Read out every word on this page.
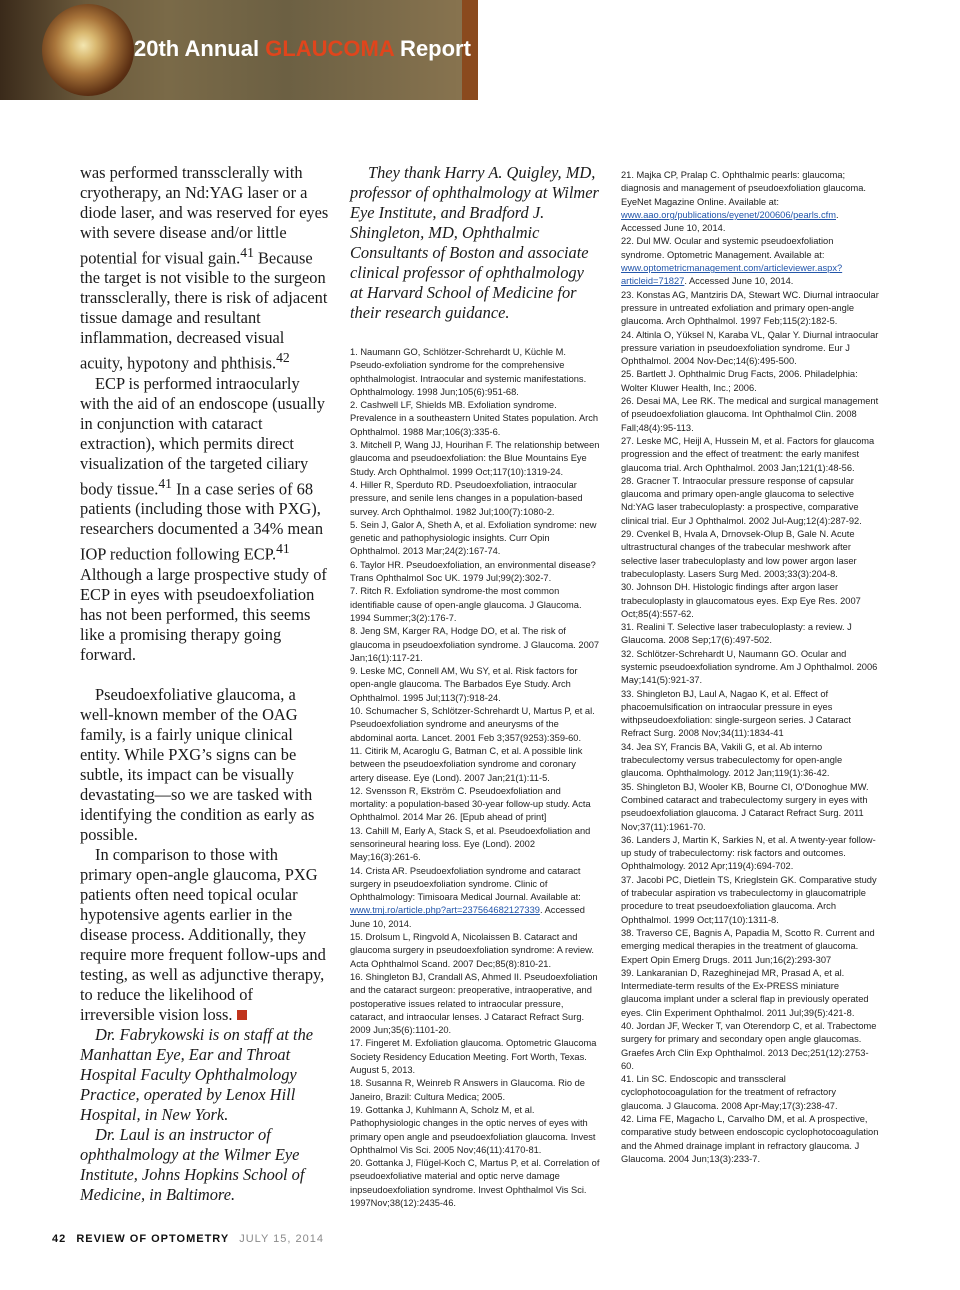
20th Annual GLAUCOMA Report

was performed transsclerally with cryotherapy, an Nd:YAG laser or a diode laser, and was reserved for eyes with severe disease and/or little potential for visual gain.$^{41}$ Because the target is not visible to the surgeon transsclerally, there is risk of adjacent tissue damage and resultant inflammation, decreased visual acuity, hypotony and phthisis.$^{42}$

ECP is performed intraocularly with the aid of an endoscope (usually in conjunction with cataract extraction), which permits direct visualization of the targeted ciliary body tissue.$^{41}$ In a case series of 68 patients (including those with PXG), researchers documented a 34% mean IOP reduction following ECP.$^{41}$ Although a large prospective study of ECP in eyes with pseudoexfoliation has not been performed, this seems like a promising therapy going forward.

Pseudoexfoliative glaucoma, a well-known member of the OAG family, is a fairly unique clinical entity. While PXG’s signs can be subtle, its impact can be visually devastating—so we are tasked with identifying the condition as early as possible.

In comparison to those with primary open-angle glaucoma, PXG patients often need topical ocular hypotensive agents earlier in the disease process. Additionally, they require more frequent follow-ups and testing, as well as adjunctive therapy, to reduce the likelihood of irreversible vision loss.

Dr. Fabrykowski is on staff at the Manhattan Eye, Ear and Throat Hospital Faculty Ophthalmology Practice, operated by Lenox Hill Hospital, in New York.

Dr. Laul is an instructor of ophthalmology at the Wilmer Eye Institute, Johns Hopkins School of Medicine, in Baltimore.

They thank Harry A. Quigley, MD, professor of ophthalmology at Wilmer Eye Institute, and Bradford J. Shingleton, MD, Ophthalmic Consultants of Boston and associate clinical professor of ophthalmology at Harvard School of Medicine for their research guidance.

1. Naumann GO, Schlötzer-Schrehardt U, Küchle M. Pseudo-exfoliation syndrome for the comprehensive ophthalmologist. Intraocular and systemic manifestations. Ophthalmology. 1998 Jun;105(6):951-68.

2. Cashwell LF, Shields MB. Exfoliation syndrome. Prevalence in a southeastern United States population. Arch Ophthalmol. 1988 Mar;106(3):335-6.

3. Mitchell P, Wang JJ, Hourihan F. The relationship between glaucoma and pseudoexfoliation: the Blue Mountains Eye Study. Arch Ophthalmol. 1999 Oct;117(10):1319-24.

4. Hiller R, Sperduto RD. Pseudoexfoliation, intraocular pressure, and senile lens changes in a population-based survey. Arch Ophthalmol. 1982 Jul;100(7):1080-2.

5. Sein J, Galor A, Sheth A, et al. Exfoliation syndrome: new genetic and pathophysiologic insights. Curr Opin Ophthalmol. 2013 Mar;24(2):167-74.

6. Taylor HR. Pseudoexfoliation, an environmental disease? Trans Ophthalmol Soc UK. 1979 Jul;99(2):302-7.

7. Ritch R. Exfoliation syndrome-the most common identifiable cause of open-angle glaucoma. J Glaucoma. 1994 Summer;3(2):176-7.

8. Jeng SM, Karger RA, Hodge DO, et al. The risk of glaucoma in pseudoexfoliation syndrome. J Glaucoma. 2007 Jan;16(1):117-21.

9. Leske MC, Connell AM, Wu SY, et al. Risk factors for open-angle glaucoma. The Barbados Eye Study. Arch Ophthalmol. 1995 Jul;113(7):918-24.

10. Schumacher S, Schlötzer-Schrehardt U, Martus P, et al. Pseudoexfoliation syndrome and aneurysms of the abdominal aorta. Lancet. 2001 Feb 3;357(9253):359-60.

11. Citirik M, Acaroglu G, Batman C, et al. A possible link between the pseudoexfoliation syndrome and coronary artery disease. Eye (Lond). 2007 Jan;21(1):11-5.

12. Svensson R, Ekström C. Pseudoexfoliation and mortality: a population-based 30-year follow-up study. Acta Ophthalmol. 2014 Mar 26. [Epub ahead of print]

13. Cahill M, Early A, Stack S, et al. Pseudoexfoliation and sensorineural hearing loss. Eye (Lond). 2002 May;16(3):261-6.

14. Crista AR. Pseudoexfoliation syndrome and cataract surgery in pseudoexfoliation syndrome. Clinic of Ophthalmology: Timisoara Medical Journal. Available at: www.tmj.ro/article.php?art=237564682127339. Accessed June 10, 2014.

15. Drolsum L, Ringvold A, Nicolaissen B. Cataract and glaucoma surgery in pseudoexfoliation syndrome: A review. Acta Ophthalmol Scand. 2007 Dec;85(8):810-21.

16. Shingleton BJ, Crandall AS, Ahmed II. Pseudoexfoliation and the cataract surgeon: preoperative, intraoperative, and postoperative issues related to intraocular pressure, cataract, and intraocular lenses. J Cataract Refract Surg. 2009 Jun;35(6):1101-20.

17. Fingeret M. Exfoliation glaucoma. Optometric Glaucoma Society Residency Education Meeting. Fort Worth, Texas. August 5, 2013.

18. Susanna R, Weinreb R Answers in Glaucoma. Rio de Janeiro, Brazil: Cultura Medica; 2005.

19. Gottanka J, Kuhlmann A, Scholz M, et al. Pathophysiologic changes in the optic nerves of eyes with primary open angle and pseudoexfoliation glaucoma. Invest Ophthalmol Vis Sci. 2005 Nov;46(11):4170-81.

20. Gottanka J, Flügel-Koch C, Martus P, et al. Correlation of pseudoexfoliative material and optic nerve damage inpseudoexfoliation syndrome. Invest Ophthalmol Vis Sci. 1997Nov;38(12):2435-46.

21. Majka CP, Pralap C. Ophthalmic pearls: glaucoma; diagnosis and management of pseudoexfoliation glaucoma. EyeNet Magazine Online. Available at: www.aao.org/publications/eyenet/200606/pearls.cfm. Accessed June 10, 2014.

22. Dul MW. Ocular and systemic pseudoexfoliation syndrome. Optometric Management. Available at: www.optometricmanagement.com/articleviewer.aspx?articleid=71827. Accessed June 10, 2014.

23. Konstas AG, Mantziris DA, Stewart WC. Diurnal intraocular pressure in untreated exfoliation and primary open-angle glaucoma. Arch Ophthalmol. 1997 Feb;115(2):182-5.

24. Altinla O, Yüksel N, Karaba VL, Qalar Y. Diurnal intraocular pressure variation in pseudoexfoliation syndrome. Eur J Ophthalmol. 2004 Nov-Dec;14(6):495-500.

25. Bartlett J. Ophthalmic Drug Facts, 2006. Philadelphia: Wolter Kluwer Health, Inc.; 2006.

26. Desai MA, Lee RK. The medical and surgical management of pseudoexfoliation glaucoma. Int Ophthalmol Clin. 2008 Fall;48(4):95-113.

27. Leske MC, Heijl A, Hussein M, et al. Factors for glaucoma progression and the effect of treatment: the early manifest glaucoma trial. Arch Ophthalmol. 2003 Jan;121(1):48-56.

28. Gracner T. Intraocular pressure response of capsular glaucoma and primary open-angle glaucoma to selective Nd:YAG laser trabeculoplasty: a prospective, comparative clinical trial. Eur J Ophthalmol. 2002 Jul-Aug;12(4):287-92.

29. Cvenkel B, Hvala A, Drnovsek-Olup B, Gale N. Acute ultrastructural changes of the trabecular meshwork after selective laser trabeculoplasty and low power argon laser trabeculoplasty. Lasers Surg Med. 2003;33(3):204-8.

30. Johnson DH. Histologic findings after argon laser trabeculoplasty in glaucomatous eyes. Exp Eye Res. 2007 Oct;85(4):557-62.

31. Realini T. Selective laser trabeculoplasty: a review. J Glaucoma. 2008 Sep;17(6):497-502.

32. Schlötzer-Schrehardt U, Naumann GO. Ocular and systemic pseudoexfoliation syndrome. Am J Ophthalmol. 2006 May;141(5):921-37.

33. Shingleton BJ, Laul A, Nagao K, et al. Effect of phacoemulsification on intraocular pressure in eyes withpseudoexfoliation: single-surgeon series. J Cataract Refract Surg. 2008 Nov;34(11):1834-41

34. Jea SY, Francis BA, Vakili G, et al. Ab interno trabeculectomy versus trabeculectomy for open-angle glaucoma. Ophthalmology. 2012 Jan;119(1):36-42.

35. Shingleton BJ, Wooler KB, Bourne CI, O'Donoghue MW. Combined cataract and trabeculectomy surgery in eyes with pseudoexfoliation glaucoma. J Cataract Refract Surg. 2011 Nov;37(11):1961-70.

36. Landers J, Martin K, Sarkies N, et al. A twenty-year follow-up study of trabeculectomy: risk factors and outcomes. Ophthalmology. 2012 Apr;119(4):694-702.

37. Jacobi PC, Dietlein TS, Krieglstein GK. Comparative study of trabecular aspiration vs trabeculectomy in glaucomatriple procedure to treat pseudoexfoliation glaucoma. Arch Ophthalmol. 1999 Oct;117(10):1311-8.

38. Traverso CE, Bagnis A, Papadia M, Scotto R. Current and emerging medical therapies in the treatment of glaucoma. Expert Opin Emerg Drugs. 2011 Jun;16(2):293-307

39. Lankaranian D, Razeghinejad MR, Prasad A, et al. Intermediate-term results of the Ex-PRESS miniature glaucoma implant under a scleral flap in previously operated eyes. Clin Experiment Ophthalmol. 2011 Jul;39(5):421-8.

40. Jordan JF, Wecker T, van Oterendorp C, et al. Trabectome surgery for primary and secondary open angle glaucomas. Graefes Arch Clin Exp Ophthalmol. 2013 Dec;251(12):2753-60.

41. Lin SC. Endoscopic and transscleral cyclophotocoagulation for the treatment of refractory glaucoma. J Glaucoma. 2008 Apr-May;17(3):238-47.

42. Lima FE, Magacho L, Carvalho DM, et al. A prospective, comparative study between endoscopic cyclophotocoagulation and the Ahmed drainage implant in refractory glaucoma. J Glaucoma. 2004 Jun;13(3):233-7.

42 REVIEW OF OPTOMETRY JULY 15, 2014
